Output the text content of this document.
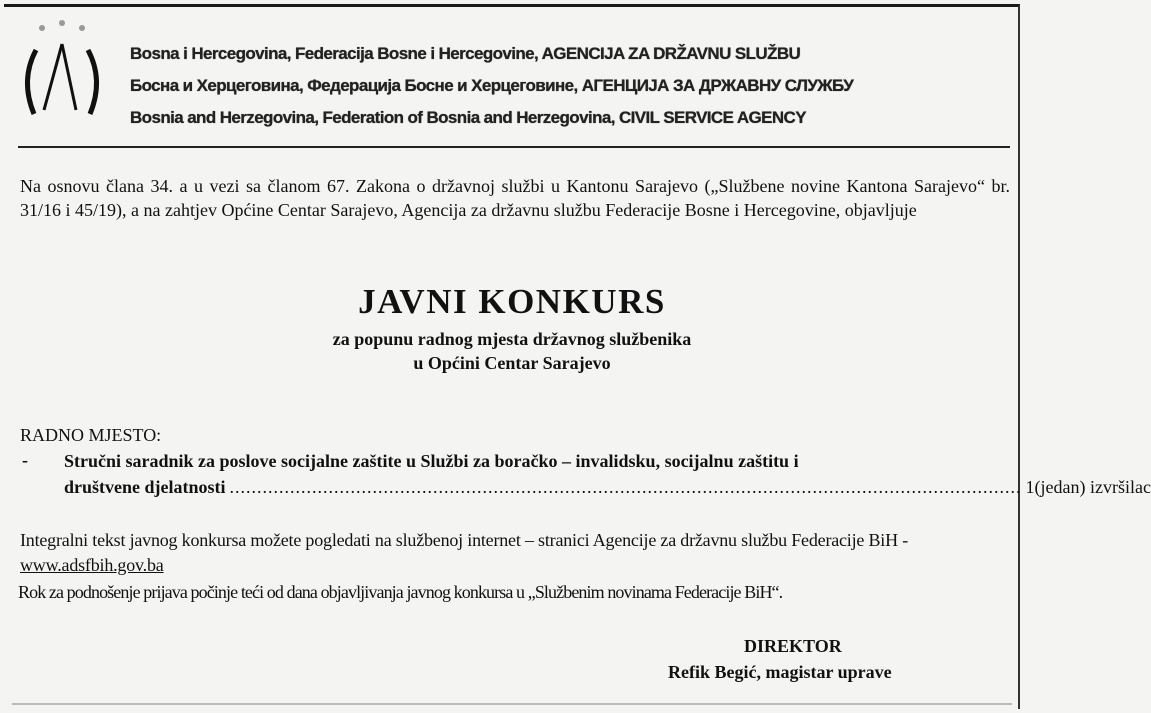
Bosna i Hercegovina, Federacija Bosne i Hercegovine, AGENCIJA ZA DRŽAVNU SLUŽBU
Босна и Херцеговина, Федерација Босне и Херцеговине, АГЕНЦИЈА ЗА ДРЖАВНУ СЛУЖБУ
Bosnia and Herzegovina, Federation of Bosnia and Herzegovina, CIVIL SERVICE AGENCY
Na osnovu člana 34. a u vezi sa članom 67. Zakona o državnoj službi u Kantonu Sarajevo („Službene novine Kantona Sarajevo“ br. 31/16 i 45/19), a na zahtjev Općine Centar Sarajevo, Agencija za državnu službu Federacije Bosne i Hercegovine, objavljuje
JAVNI KONKURS
za popunu radnog mjesta državnog službenika
u Općini Centar Sarajevo
RADNO MJESTO:
- Stručni saradnik za poslove socijalne zaštite u Službi za boračko – invalidsku, socijalnu zaštitu i
društvene djelatnosti ................................................................................................................................................ 1(jedan) izvršilac
Integralni tekst javnog konkursa možete pogledati na službenoj internet – stranici Agencije za državnu službu Federacije BiH - www.adsfbih.gov.ba
Rok za podnošenje prijava počinje teći od dana objavljivanja javnog konkursa u „Službenim novinama Federacije BiH“.
DIREKTOR
Refik Begić, magistar uprave
